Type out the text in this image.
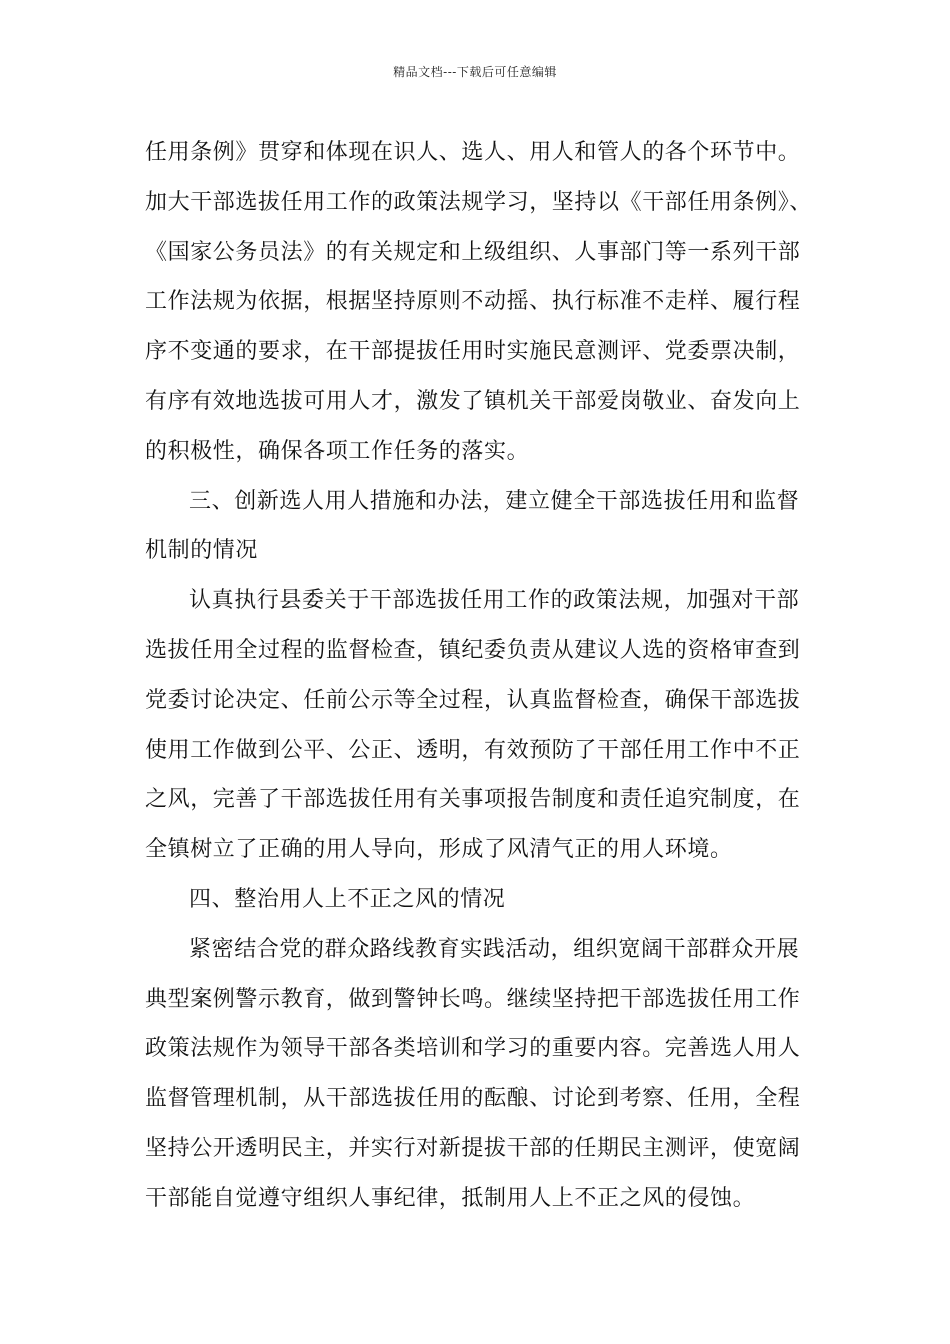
精品文档---下载后可任意编辑
任用条例》贯穿和体现在识人、选人、用人和管人的各个环节中。
加大干部选拔任用工作的政策法规学习，坚持以《干部任用条例》、
《国家公务员法》的有关规定和上级组织、人事部门等一系列干部
工作法规为依据，根据坚持原则不动摇、执行标准不走样、履行程
序不变通的要求，在干部提拔任用时实施民意测评、党委票决制，
有序有效地选拔可用人才，激发了镇机关干部爱岗敬业、奋发向上
的积极性，确保各项工作任务的落实。
三、创新选人用人措施和办法，建立健全干部选拔任用和监督
机制的情况
认真执行县委关于干部选拔任用工作的政策法规，加强对干部
选拔任用全过程的监督检查，镇纪委负责从建议人选的资格审查到
党委讨论决定、任前公示等全过程，认真监督检查，确保干部选拔
使用工作做到公平、公正、透明，有效预防了干部任用工作中不正
之风，完善了干部选拔任用有关事项报告制度和责任追究制度，在
全镇树立了正确的用人导向，形成了风清气正的用人环境。
四、整治用人上不正之风的情况
紧密结合党的群众路线教育实践活动，组织宽阔干部群众开展
典型案例警示教育，做到警钟长鸣。继续坚持把干部选拔任用工作
政策法规作为领导干部各类培训和学习的重要内容。完善选人用人
监督管理机制，从干部选拔任用的酝酿、讨论到考察、任用，全程
坚持公开透明民主，并实行对新提拔干部的任期民主测评，使宽阔
干部能自觉遵守组织人事纪律，抵制用人上不正之风的侵蚀。
